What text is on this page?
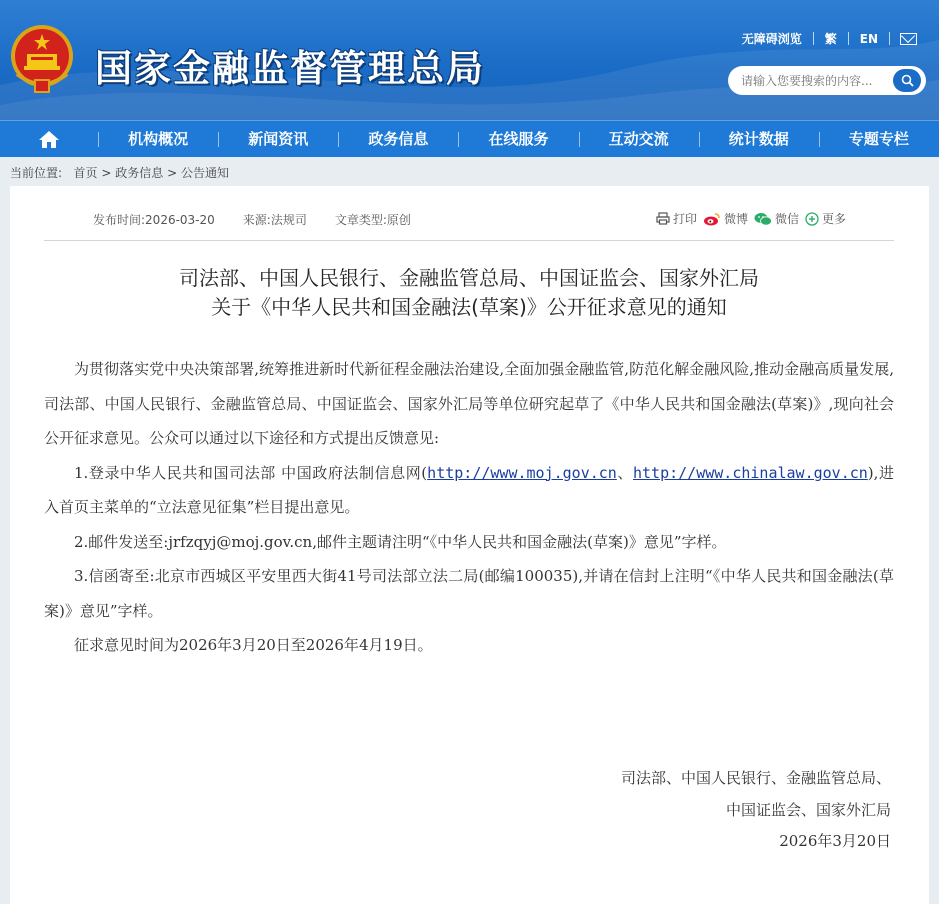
国家金融监督管理总局
无障碍浏览	繁	EN
请输入您要搜索的内容...
机构概况	新闻资讯	政务信息	在线服务	互动交流	统计数据	专题专栏
当前位置: 首页 > 政务信息 > 公告通知
发布时间:2026-03-20 来源:法规司 文章类型:原创	打印 微博 微信 更多
司法部、中国人民银行、金融监管总局、中国证监会、国家外汇局
关于《中华人民共和国金融法(草案)》公开征求意见的通知

为贯彻落实党中央决策部署,统筹推进新时代新征程金融法治建设,全面加强金融监管,防范化解金融风险,推动金融高质量发展,司法部、中国人民银行、金融监管总局、中国证监会、国家外汇局等单位研究起草了《中华人民共和国金融法(草案)》,现向社会公开征求意见。公众可以通过以下途径和方式提出反馈意见:

1.登录中华人民共和国司法部 中国政府法制信息网(http://www.moj.gov.cn、http://www.chinalaw.gov.cn),进入首页主菜单的“立法意见征集”栏目提出意见。

2.邮件发送至:jrfzqyj@moj.gov.cn,邮件主题请注明“《中华人民共和国金融法(草案)》意见”字样。

3.信函寄至:北京市西城区平安里西大街41号司法部立法二局(邮编100035),并请在信封上注明“《中华人民共和国金融法(草案)》意见”字样。

征求意见时间为2026年3月20日至2026年4月19日。

司法部、中国人民银行、金融监管总局、
中国证监会、国家外汇局
2026年3月20日
